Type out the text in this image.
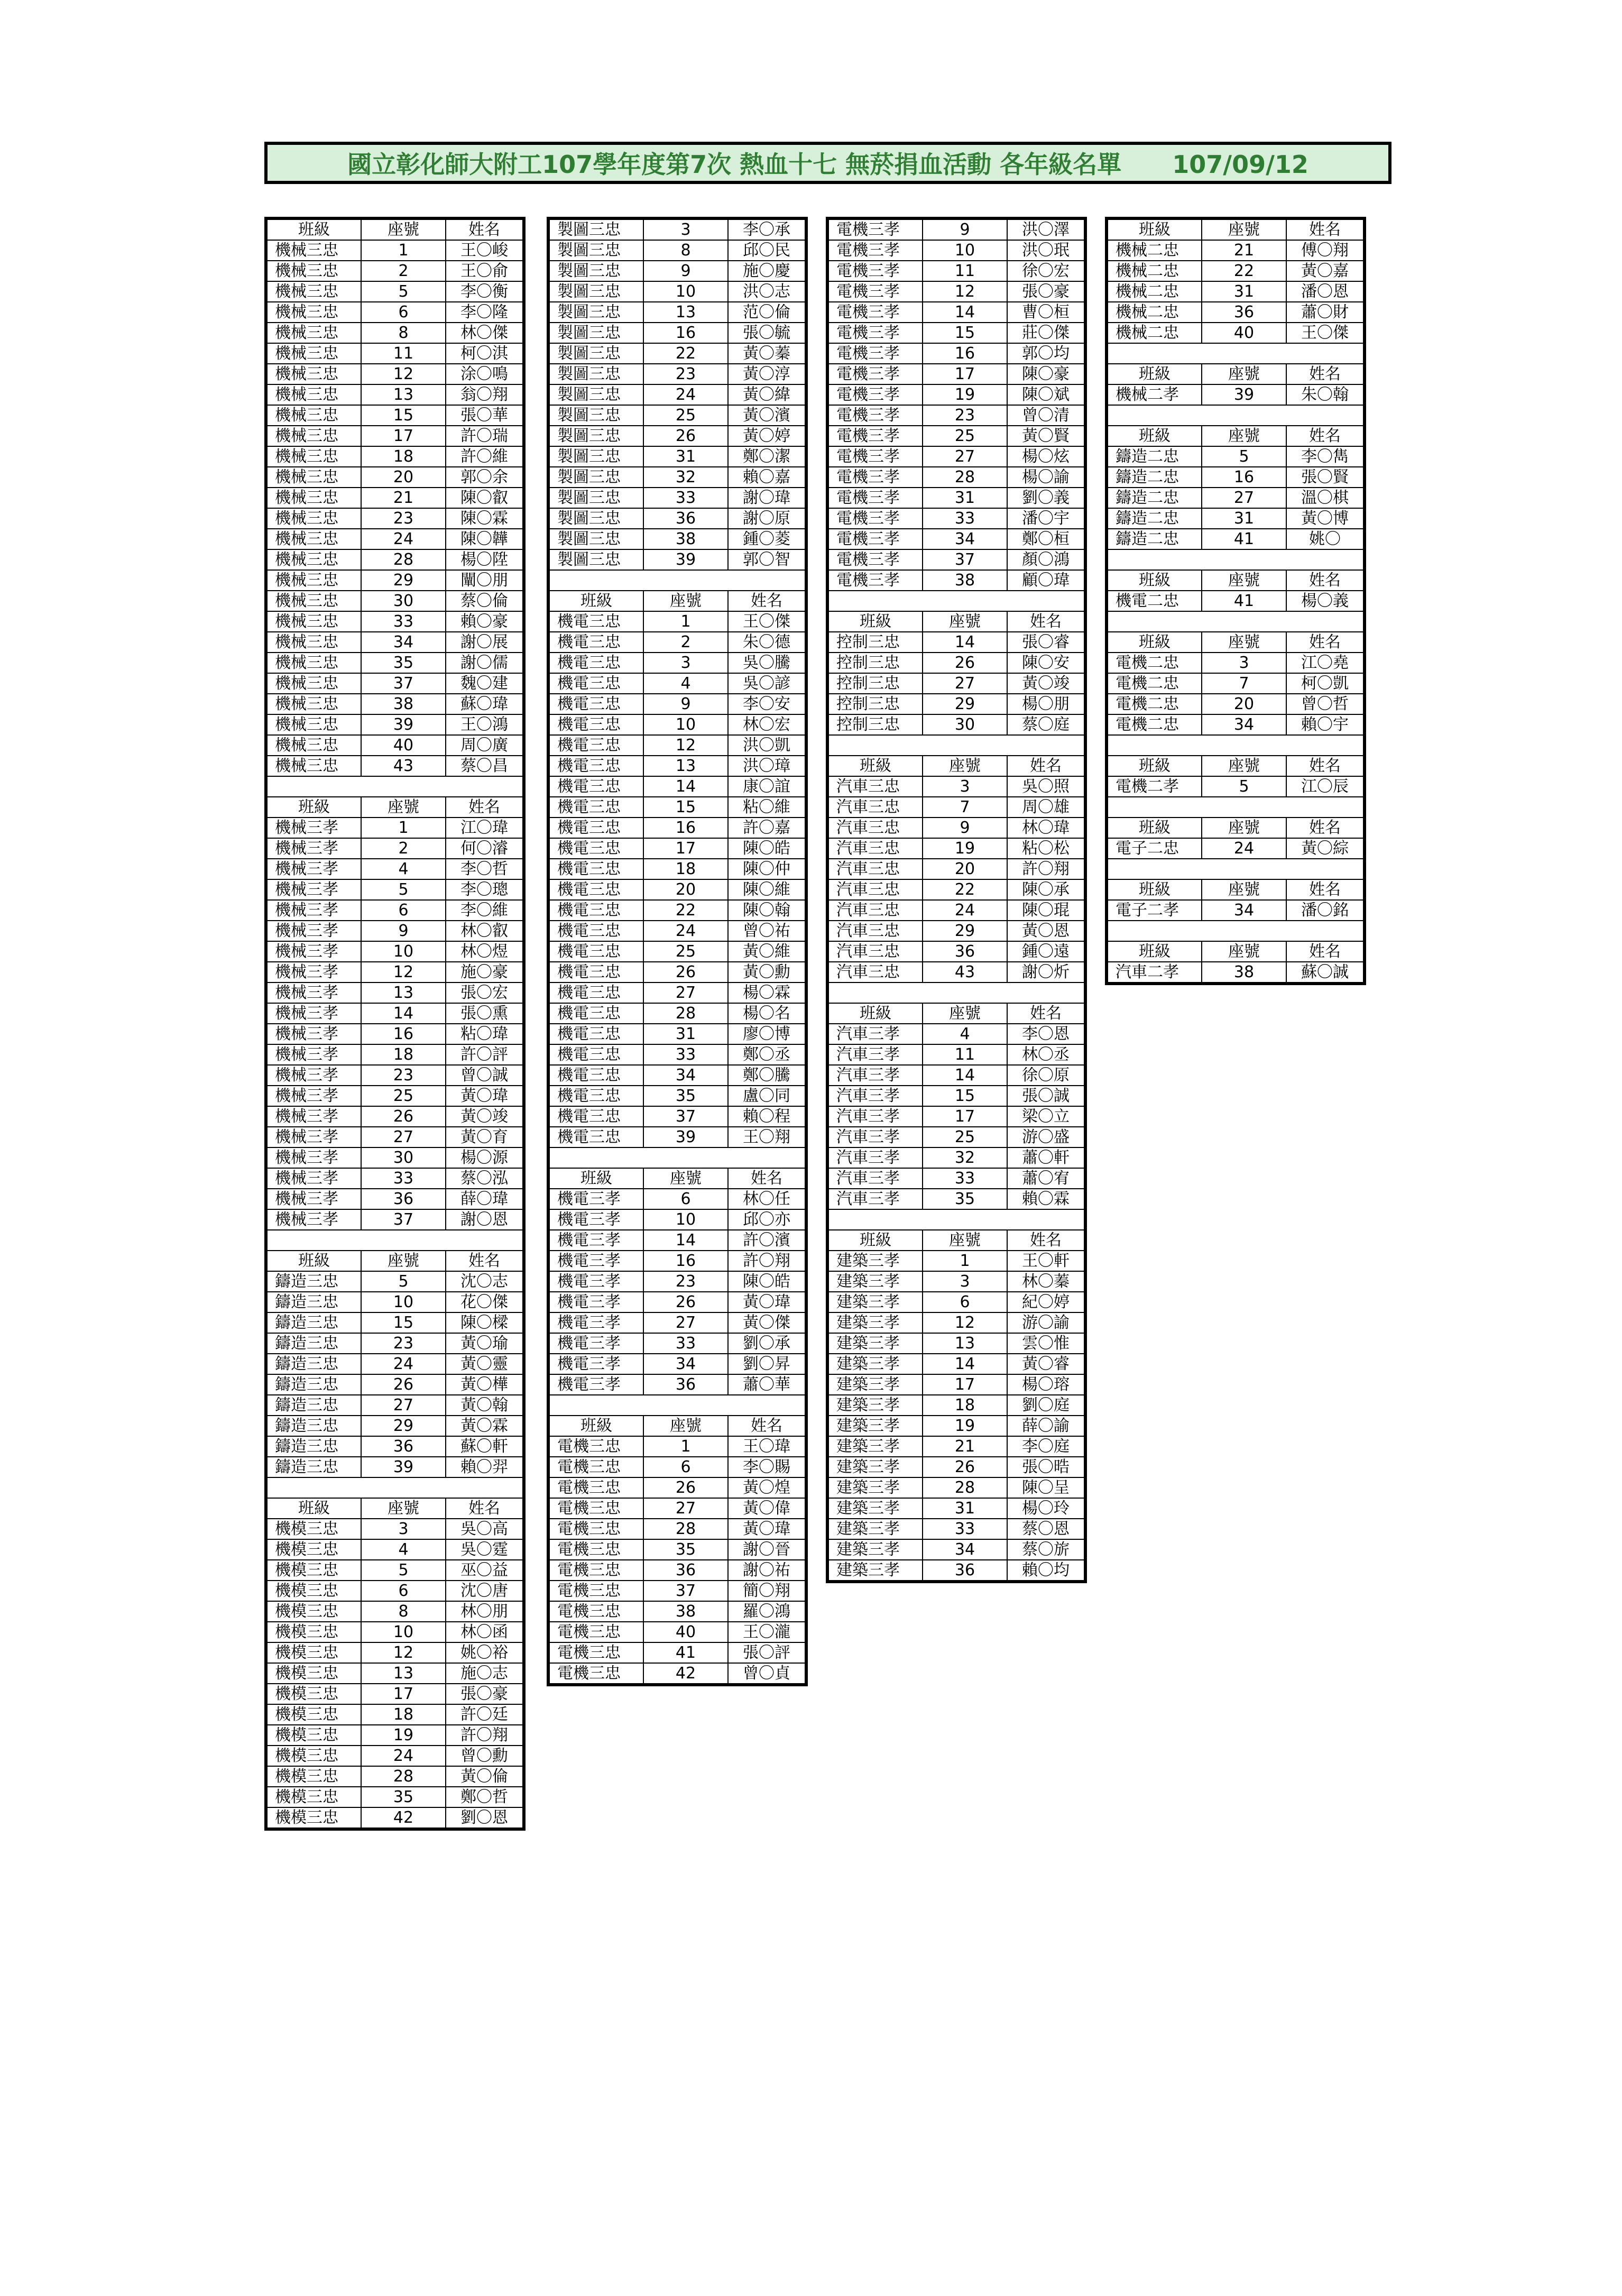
國立彰化師大附工107學年度第7次 熱血十七 無菸捐血活動 各年級名單      107/09/12
班級	座號	姓名
機械三忠	1	王〇峻
機械三忠	2	王〇俞
機械三忠	5	李〇衡
機械三忠	6	李〇隆
機械三忠	8	林〇傑
機械三忠	11	柯〇淇
機械三忠	12	涂〇鳴
機械三忠	13	翁〇翔
機械三忠	15	張〇華
機械三忠	17	許〇瑞
機械三忠	18	許〇維
機械三忠	20	郭〇余
機械三忠	21	陳〇叡
機械三忠	23	陳〇霖
機械三忠	24	陳〇韡
機械三忠	28	楊〇陞
機械三忠	29	闡〇朋
機械三忠	30	蔡〇倫
機械三忠	33	賴〇豪
機械三忠	34	謝〇展
機械三忠	35	謝〇儒
機械三忠	37	魏〇建
機械三忠	38	蘇〇瑋
機械三忠	39	王〇鴻
機械三忠	40	周〇廣
機械三忠	43	蔡〇昌

班級	座號	姓名
機械三孝	1	江〇瑋
機械三孝	2	何〇濬
機械三孝	4	李〇哲
機械三孝	5	李〇璁
機械三孝	6	李〇維
機械三孝	9	林〇叡
機械三孝	10	林〇煜
機械三孝	12	施〇豪
機械三孝	13	張〇宏
機械三孝	14	張〇熏
機械三孝	16	粘〇瑋
機械三孝	18	許〇評
機械三孝	23	曾〇誠
機械三孝	25	黃〇瑋
機械三孝	26	黃〇竣
機械三孝	27	黃〇育
機械三孝	30	楊〇源
機械三孝	33	蔡〇泓
機械三孝	36	薛〇瑋
機械三孝	37	謝〇恩

班級	座號	姓名
鑄造三忠	5	沈〇志
鑄造三忠	10	花〇傑
鑄造三忠	15	陳〇樑
鑄造三忠	23	黃〇瑜
鑄造三忠	24	黃〇靈
鑄造三忠	26	黃〇樺
鑄造三忠	27	黃〇翰
鑄造三忠	29	黃〇霖
鑄造三忠	36	蘇〇軒
鑄造三忠	39	賴〇羿

班級	座號	姓名
機模三忠	3	吳〇高
機模三忠	4	吳〇霆
機模三忠	5	巫〇益
機模三忠	6	沈〇唐
機模三忠	8	林〇朋
機模三忠	10	林〇函
機模三忠	12	姚〇裕
機模三忠	13	施〇志
機模三忠	17	張〇豪
機模三忠	18	許〇廷
機模三忠	19	許〇翔
機模三忠	24	曾〇勳
機模三忠	28	黃〇倫
機模三忠	35	鄭〇哲
機模三忠	42	劉〇恩
製圖三忠	3	李〇承
製圖三忠	8	邱〇民
製圖三忠	9	施〇慶
製圖三忠	10	洪〇志
製圖三忠	13	范〇倫
製圖三忠	16	張〇毓
製圖三忠	22	黃〇蓁
製圖三忠	23	黃〇淳
製圖三忠	24	黃〇緯
製圖三忠	25	黃〇濱
製圖三忠	26	黃〇婷
製圖三忠	31	鄭〇潔
製圖三忠	32	賴〇嘉
製圖三忠	33	謝〇瑋
製圖三忠	36	謝〇原
製圖三忠	38	鍾〇菱
製圖三忠	39	郭〇智

班級	座號	姓名
機電三忠	1	王〇傑
機電三忠	2	朱〇德
機電三忠	3	吳〇騰
機電三忠	4	吳〇諺
機電三忠	9	李〇安
機電三忠	10	林〇宏
機電三忠	12	洪〇凱
機電三忠	13	洪〇璋
機電三忠	14	康〇誼
機電三忠	15	粘〇維
機電三忠	16	許〇嘉
機電三忠	17	陳〇皓
機電三忠	18	陳〇仲
機電三忠	20	陳〇維
機電三忠	22	陳〇翰
機電三忠	24	曾〇祐
機電三忠	25	黃〇維
機電三忠	26	黃〇勳
機電三忠	27	楊〇霖
機電三忠	28	楊〇名
機電三忠	31	廖〇博
機電三忠	33	鄭〇丞
機電三忠	34	鄭〇騰
機電三忠	35	盧〇同
機電三忠	37	賴〇程
機電三忠	39	王〇翔

班級	座號	姓名
機電三孝	6	林〇任
機電三孝	10	邱〇亦
機電三孝	14	許〇濱
機電三孝	16	許〇翔
機電三孝	23	陳〇皓
機電三孝	26	黃〇瑋
機電三孝	27	黃〇傑
機電三孝	33	劉〇承
機電三孝	34	劉〇昇
機電三孝	36	蕭〇華

班級	座號	姓名
電機三忠	1	王〇瑋
電機三忠	6	李〇賜
電機三忠	26	黃〇煌
電機三忠	27	黃〇偉
電機三忠	28	黃〇瑋
電機三忠	35	謝〇晉
電機三忠	36	謝〇祐
電機三忠	37	簡〇翔
電機三忠	38	羅〇鴻
電機三忠	40	王〇瀧
電機三忠	41	張〇評
電機三忠	42	曾〇貞
電機三孝	9	洪〇澤
電機三孝	10	洪〇珉
電機三孝	11	徐〇宏
電機三孝	12	張〇豪
電機三孝	14	曹〇桓
電機三孝	15	莊〇傑
電機三孝	16	郭〇均
電機三孝	17	陳〇豪
電機三孝	19	陳〇斌
電機三孝	23	曾〇清
電機三孝	25	黃〇賢
電機三孝	27	楊〇炫
電機三孝	28	楊〇諭
電機三孝	31	劉〇義
電機三孝	33	潘〇宇
電機三孝	34	鄭〇桓
電機三孝	37	顏〇鴻
電機三孝	38	顧〇瑋

班級	座號	姓名
控制三忠	14	張〇睿
控制三忠	26	陳〇安
控制三忠	27	黃〇竣
控制三忠	29	楊〇朋
控制三忠	30	蔡〇庭

班級	座號	姓名
汽車三忠	3	吳〇照
汽車三忠	7	周〇雄
汽車三忠	9	林〇瑋
汽車三忠	19	粘〇松
汽車三忠	20	許〇翔
汽車三忠	22	陳〇承
汽車三忠	24	陳〇琨
汽車三忠	29	黃〇恩
汽車三忠	36	鍾〇遠
汽車三忠	43	謝〇炘

班級	座號	姓名
汽車三孝	4	李〇恩
汽車三孝	11	林〇丞
汽車三孝	14	徐〇原
汽車三孝	15	張〇誠
汽車三孝	17	梁〇立
汽車三孝	25	游〇盛
汽車三孝	32	蕭〇軒
汽車三孝	33	蕭〇宥
汽車三孝	35	賴〇霖

班級	座號	姓名
建築三孝	1	王〇軒
建築三孝	3	林〇蓁
建築三孝	6	紀〇婷
建築三孝	12	游〇諭
建築三孝	13	雲〇惟
建築三孝	14	黃〇睿
建築三孝	17	楊〇瑢
建築三孝	18	劉〇庭
建築三孝	19	薛〇諭
建築三孝	21	李〇庭
建築三孝	26	張〇晧
建築三孝	28	陳〇呈
建築三孝	31	楊〇玲
建築三孝	33	蔡〇恩
建築三孝	34	蔡〇旂
建築三孝	36	賴〇均
班級	座號	姓名
機械二忠	21	傅〇翔
機械二忠	22	黃〇嘉
機械二忠	31	潘〇恩
機械二忠	36	蕭〇財
機械二忠	40	王〇傑

班級	座號	姓名
機械二孝	39	朱〇翰

班級	座號	姓名
鑄造二忠	5	李〇雋
鑄造二忠	16	張〇賢
鑄造二忠	27	溫〇棋
鑄造二忠	31	黃〇博
鑄造二忠	41	姚〇

班級	座號	姓名
機電二忠	41	楊〇義

班級	座號	姓名
電機二忠	3	江〇堯
電機二忠	7	柯〇凱
電機二忠	20	曾〇哲
電機二忠	34	賴〇宇

班級	座號	姓名
電機二孝	5	江〇辰

班級	座號	姓名
電子二忠	24	黃〇綜

班級	座號	姓名
電子二孝	34	潘〇銘

班級	座號	姓名
汽車二孝	38	蘇〇誠
